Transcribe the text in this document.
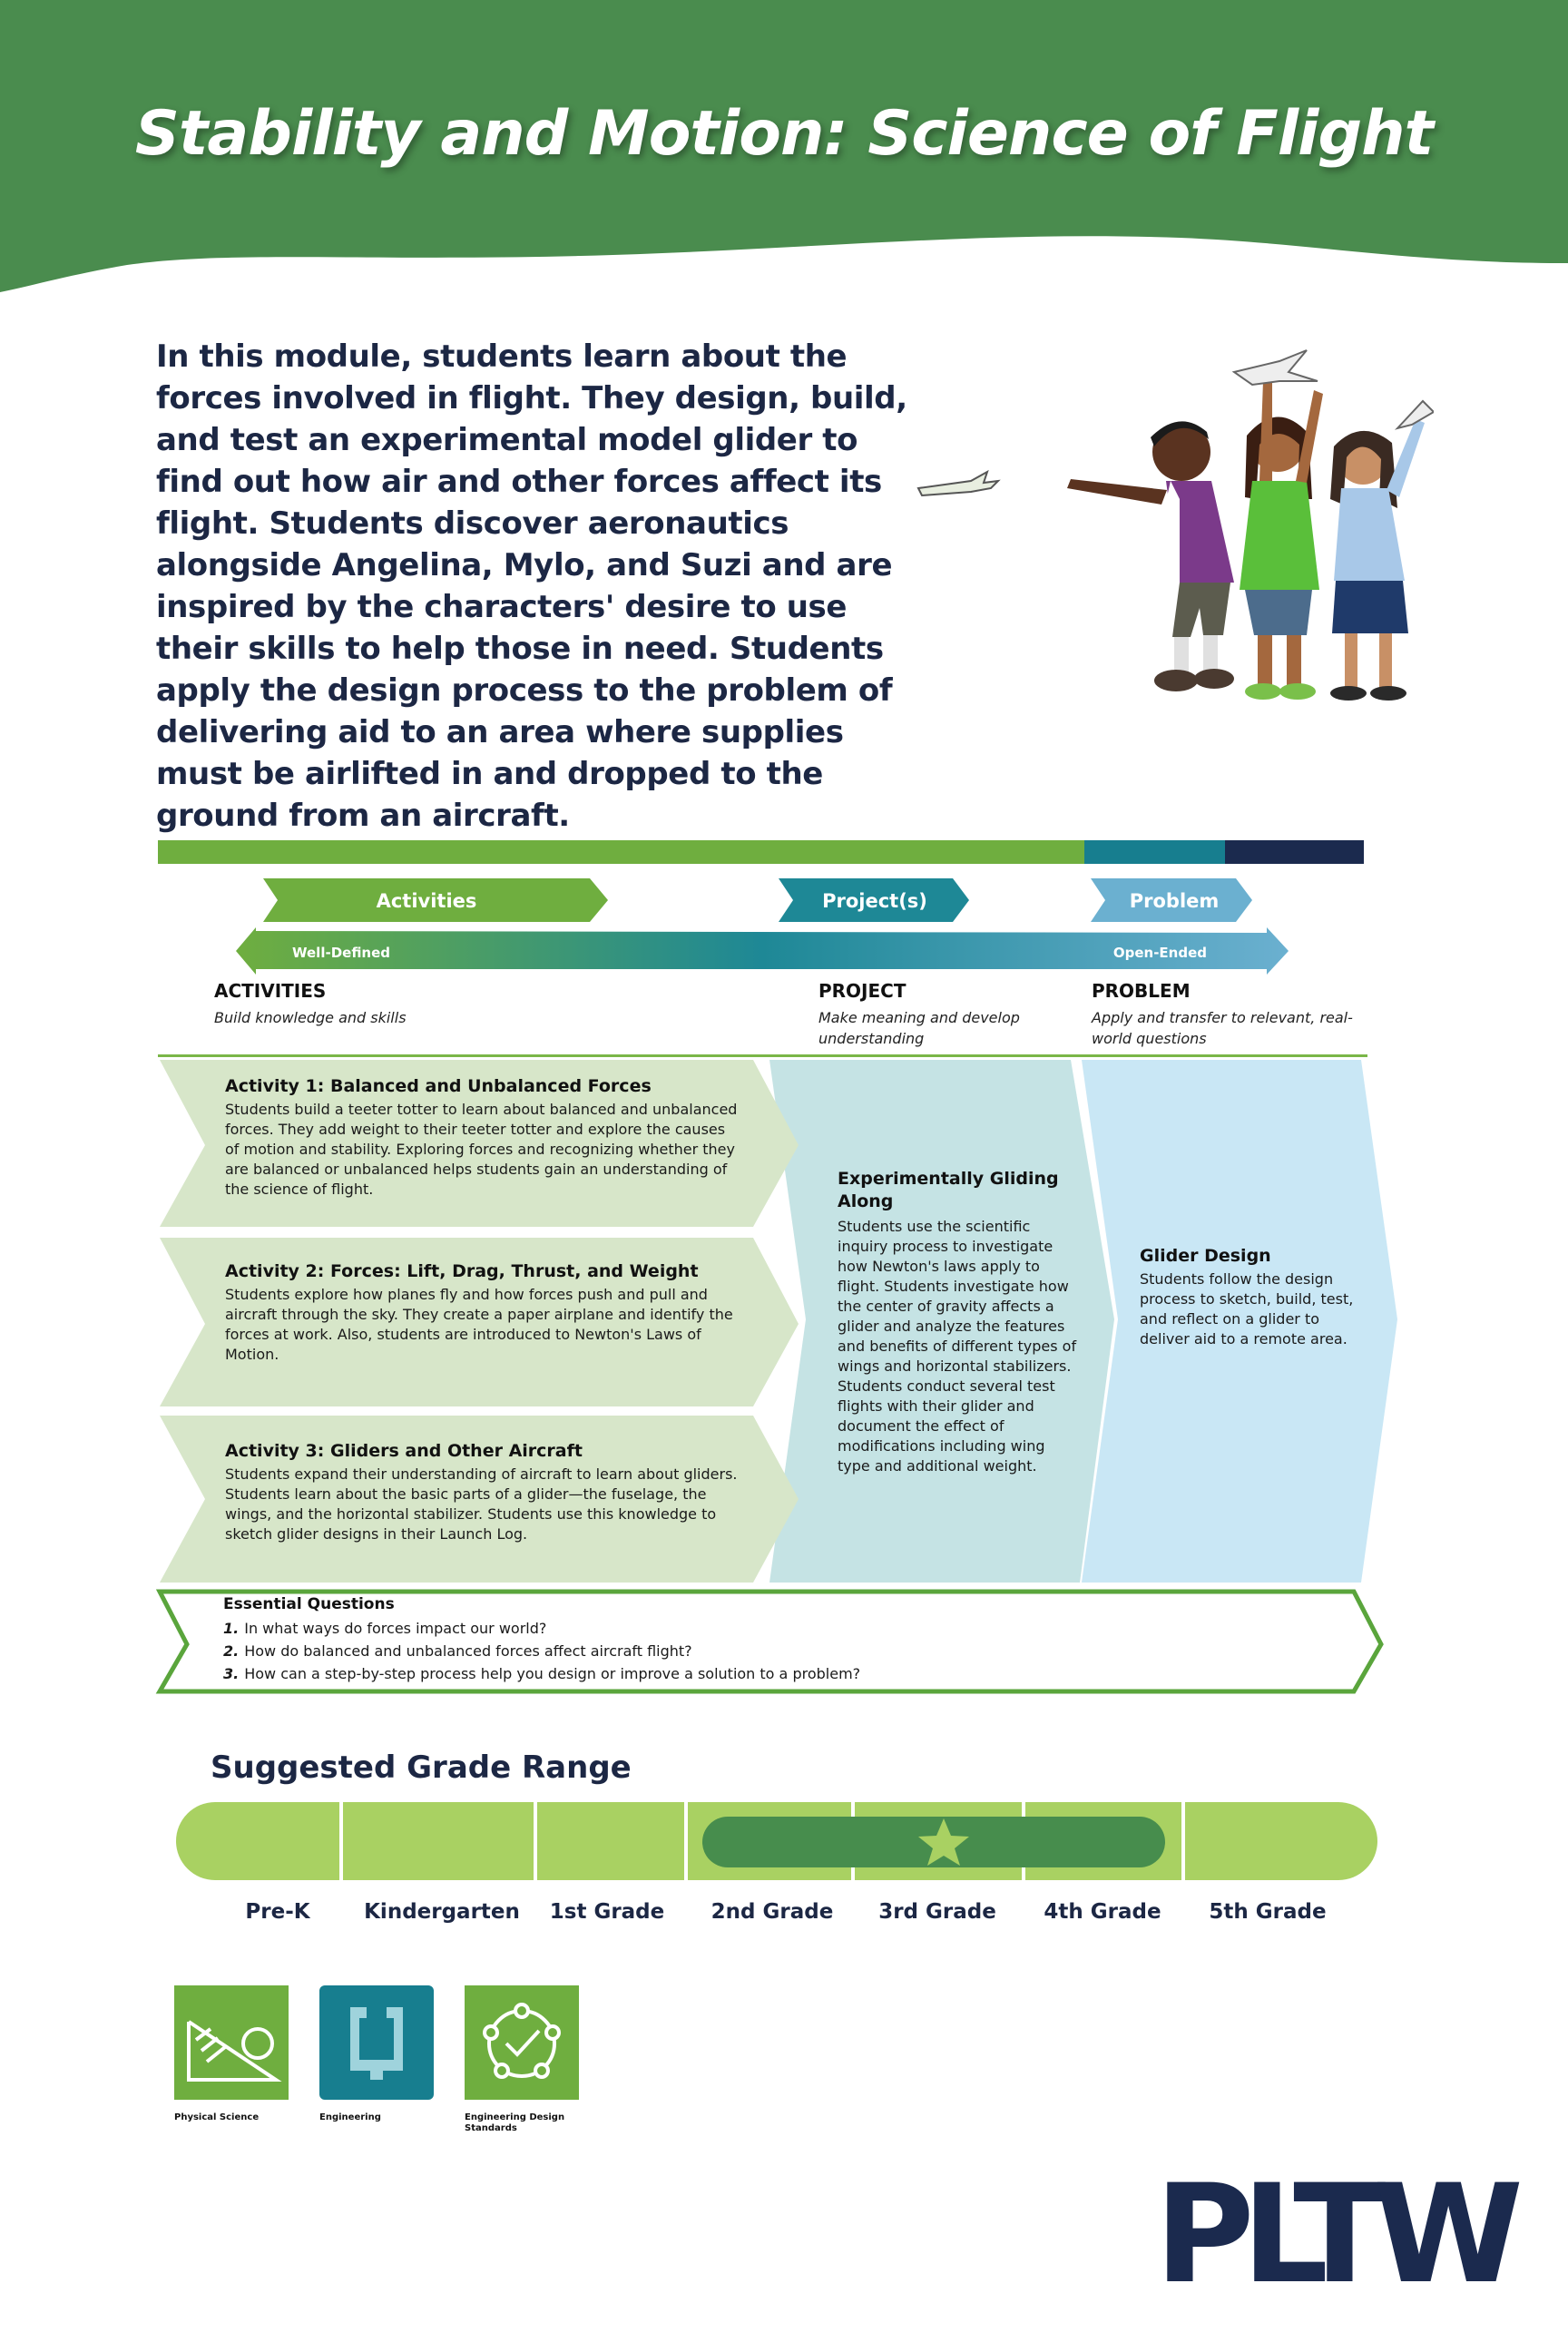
Stability and Motion: Science of Flight
In this module, students learn about the forces involved in flight. They design, build, and test an experimental model glider to find out how air and other forces affect its flight. Students discover aeronautics alongside Angelina, Mylo, and Suzi and are inspired by the characters' desire to use their skills to help those in need. Students apply the design process to the problem of delivering aid to an area where supplies must be airlifted in and dropped to the ground from an aircraft.
Activities	Project(s)	Problem
Well-Defined	Open-Ended
ACTIVITIES
Build knowledge and skills
PROJECT
Make meaning and develop understanding
PROBLEM
Apply and transfer to relevant, real-world questions
Activity 1: Balanced and Unbalanced Forces
Students build a teeter totter to learn about balanced and unbalanced forces. They add weight to their teeter totter and explore the causes of motion and stability. Exploring forces and recognizing whether they are balanced or unbalanced helps students gain an understanding of the science of flight.
Activity 2: Forces: Lift, Drag, Thrust, and Weight
Students explore how planes fly and how forces push and pull and aircraft through the sky. They create a paper airplane and identify the forces at work. Also, students are introduced to Newton's Laws of Motion.
Activity 3: Gliders and Other Aircraft
Students expand their understanding of aircraft to learn about gliders. Students learn about the basic parts of a glider—the fuselage, the wings, and the horizontal stabilizer. Students use this knowledge to sketch glider designs in their Launch Log.
Experimentally Gliding Along
Students use the scientific inquiry process to investigate how Newton's laws apply to flight. Students investigate how the center of gravity affects a glider and analyze the features and benefits of different types of wings and horizontal stabilizers. Students conduct several test flights with their glider and document the effect of modifications including wing type and additional weight.
Glider Design
Students follow the design process to sketch, build, test, and reflect on a glider to deliver aid to a remote area.
Essential Questions
1. In what ways do forces impact our world?
2. How do balanced and unbalanced forces affect aircraft flight?
3. How can a step-by-step process help you design or improve a solution to a problem?
Suggested Grade Range
Pre-K	Kindergarten	1st Grade	2nd Grade	3rd Grade	4th Grade	5th Grade
Physical Science	Engineering	Engineering Design Standards
PLTW
